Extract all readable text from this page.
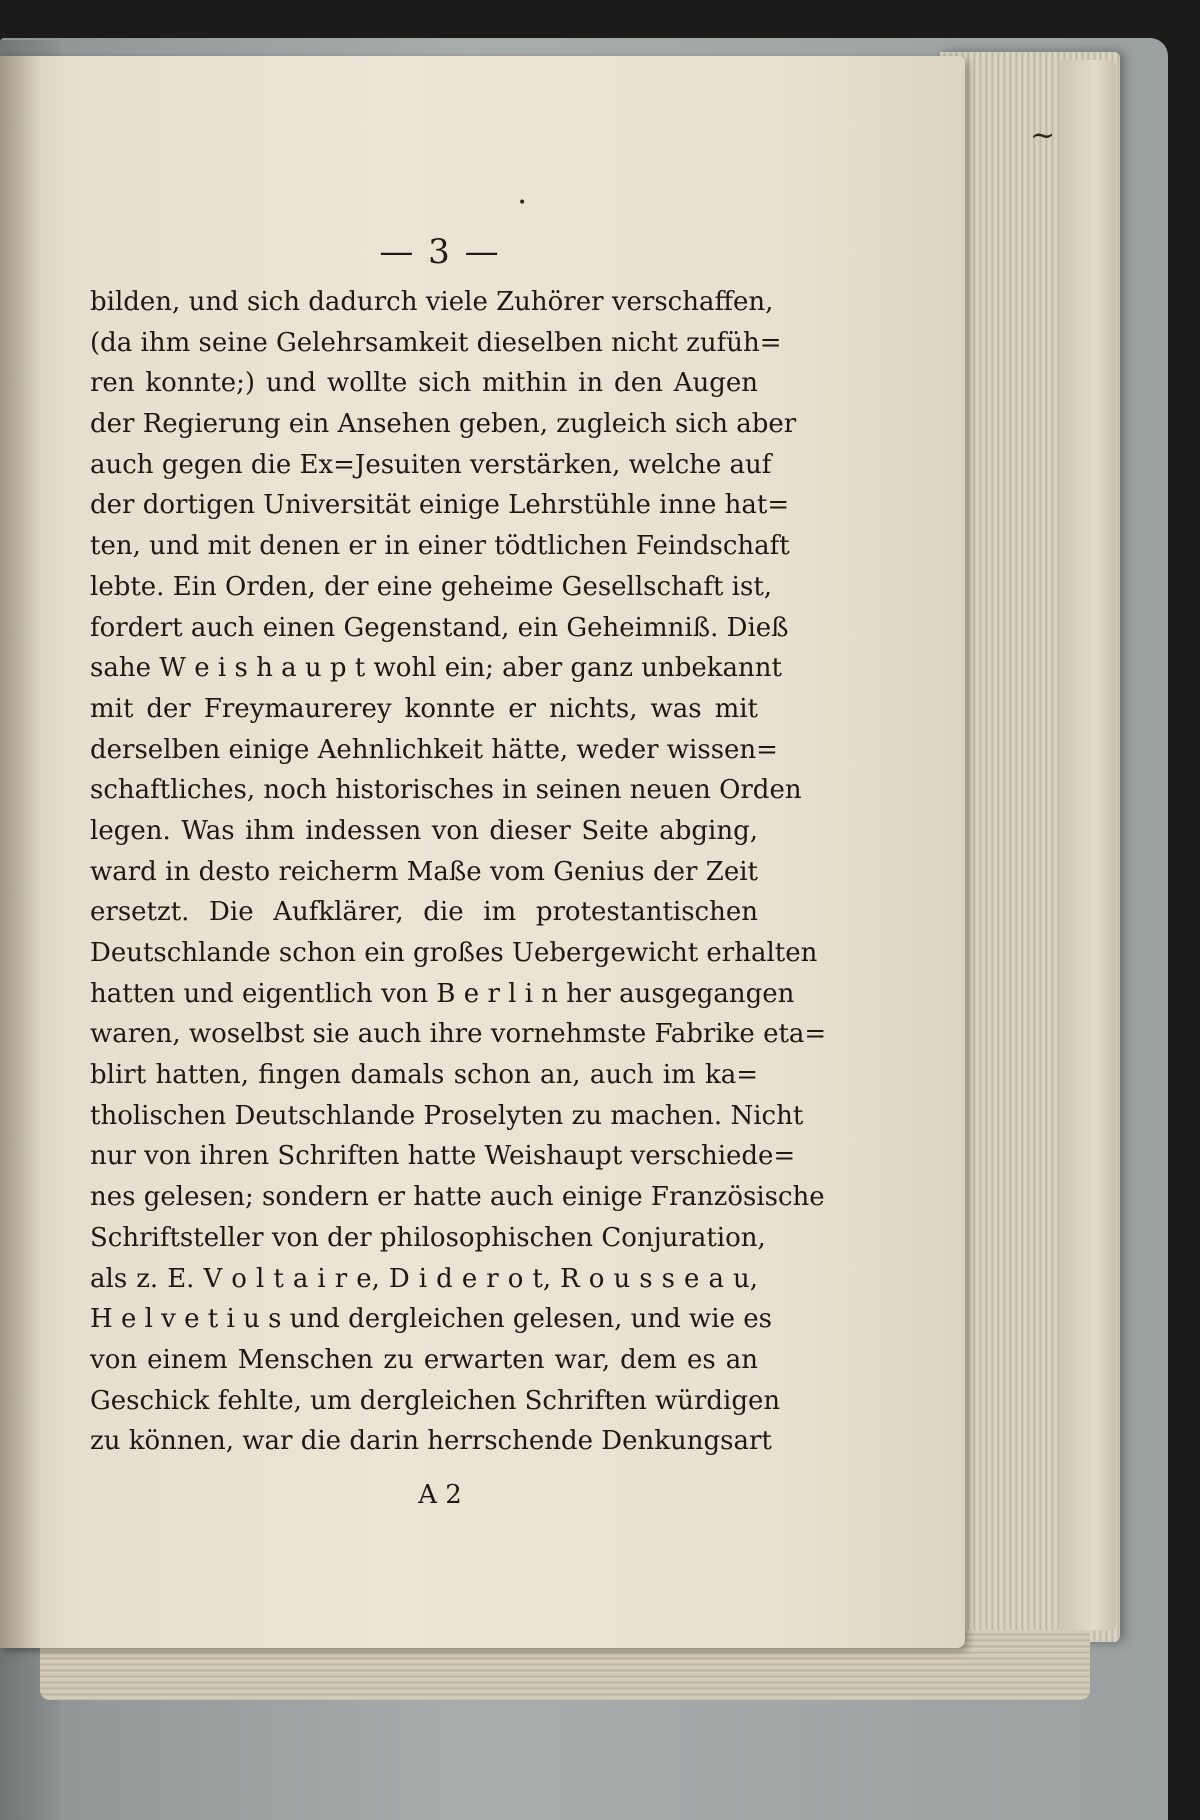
— 3 —
bilden, und sich dadurch viele Zuhörer verschaffen,
(da ihm seine Gelehrsamkeit dieselben nicht zufüh=
ren konnte;) und wollte sich mithin in den Augen
der Regierung ein Ansehen geben, zugleich sich aber
auch gegen die Ex=Jesuiten verstärken, welche auf
der dortigen Universität einige Lehrstühle inne hat=
ten, und mit denen er in einer tödtlichen Feindschaft
lebte. Ein Orden, der eine geheime Gesellschaft ist,
fordert auch einen Gegenstand, ein Geheimniß. Dieß
sahe W e i s h a u p t wohl ein; aber ganz unbekannt
mit der Freymaurerey konnte er nichts, was mit
derselben einige Aehnlichkeit hätte, weder wissen=
schaftliches, noch historisches in seinen neuen Orden
legen. Was ihm indessen von dieser Seite abging,
ward in desto reicherm Maße vom Genius der Zeit
ersetzt. Die Aufklärer, die im protestantischen
Deutschlande schon ein großes Uebergewicht erhalten
hatten und eigentlich von B e r l i n her ausgegangen
waren, woselbst sie auch ihre vornehmste Fabrike eta=
blirt hatten, fingen damals schon an, auch im ka=
tholischen Deutschlande Proselyten zu machen. Nicht
nur von ihren Schriften hatte Weishaupt verschiede=
nes gelesen; sondern er hatte auch einige Französische
Schriftsteller von der philosophischen Conjuration,
als z. E. V o l t a i r e, D i d e r o t, R o u s s e a u,
H e l v e t i u s und dergleichen gelesen, und wie es
von einem Menschen zu erwarten war, dem es an
Geschick fehlte, um dergleichen Schriften würdigen
zu können, war die darin herrschende Denkungsart
A 2
~
•
